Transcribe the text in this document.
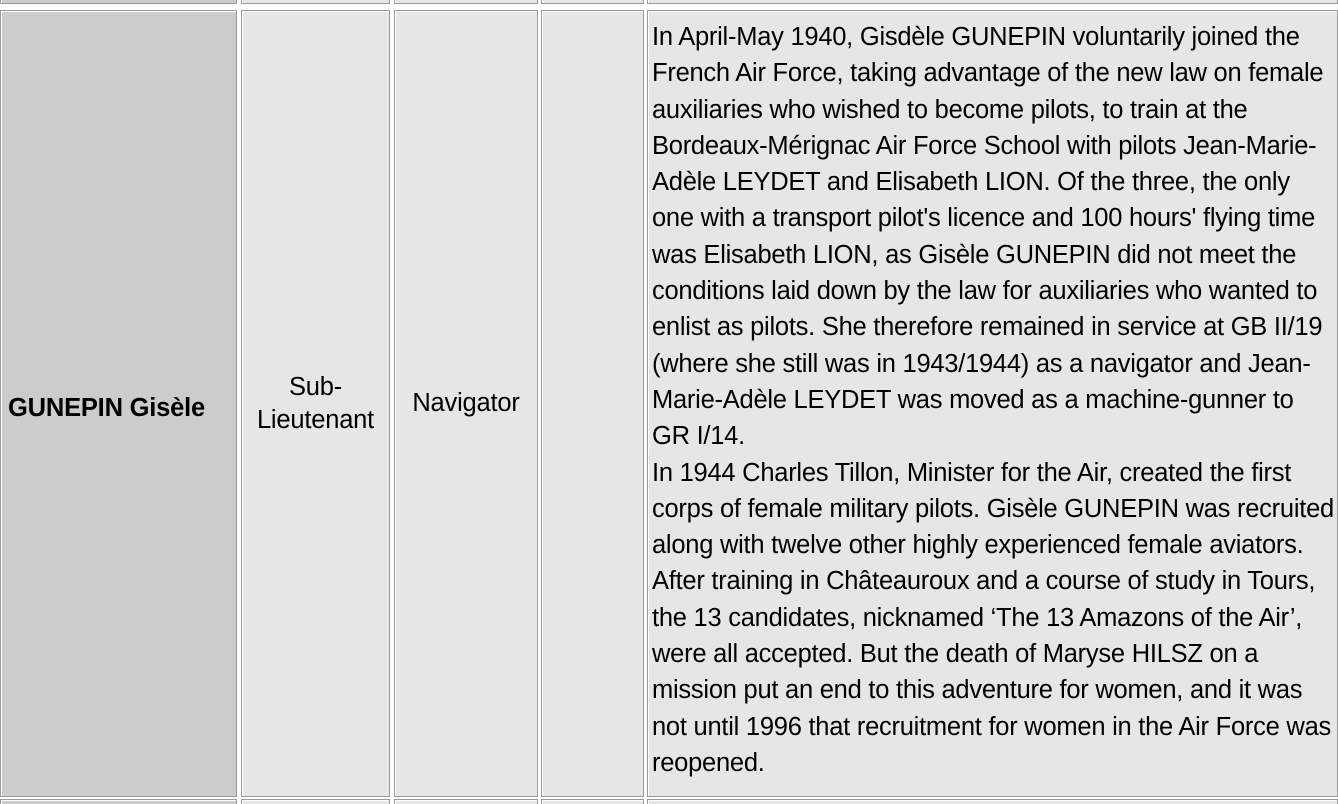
GUNEPIN Gisèle
Sub-Lieutenant
Navigator

In April-May 1940, Gisdèle GUNEPIN voluntarily joined the French Air Force, taking advantage of the new law on female auxiliaries who wished to become pilots, to train at the Bordeaux-Mérignac Air Force School with pilots Jean-Marie-Adèle LEYDET and Elisabeth LION. Of the three, the only one with a transport pilot's licence and 100 hours' flying time was Elisabeth LION, as Gisèle GUNEPIN did not meet the conditions laid down by the law for auxiliaries who wanted to enlist as pilots. She therefore remained in service at GB II/19 (where she still was in 1943/1944) as a navigator and Jean-Marie-Adèle LEYDET was moved as a machine-gunner to GR I/14.

In 1944 Charles Tillon, Minister for the Air, created the first corps of female military pilots. Gisèle GUNEPIN was recruited along with twelve other highly experienced female aviators. After training in Châteauroux and a course of study in Tours, the 13 candidates, nicknamed ‘The 13 Amazons of the Air’, were all accepted. But the death of Maryse HILSZ on a mission put an end to this adventure for women, and it was not until 1996 that recruitment for women in the Air Force was reopened.
